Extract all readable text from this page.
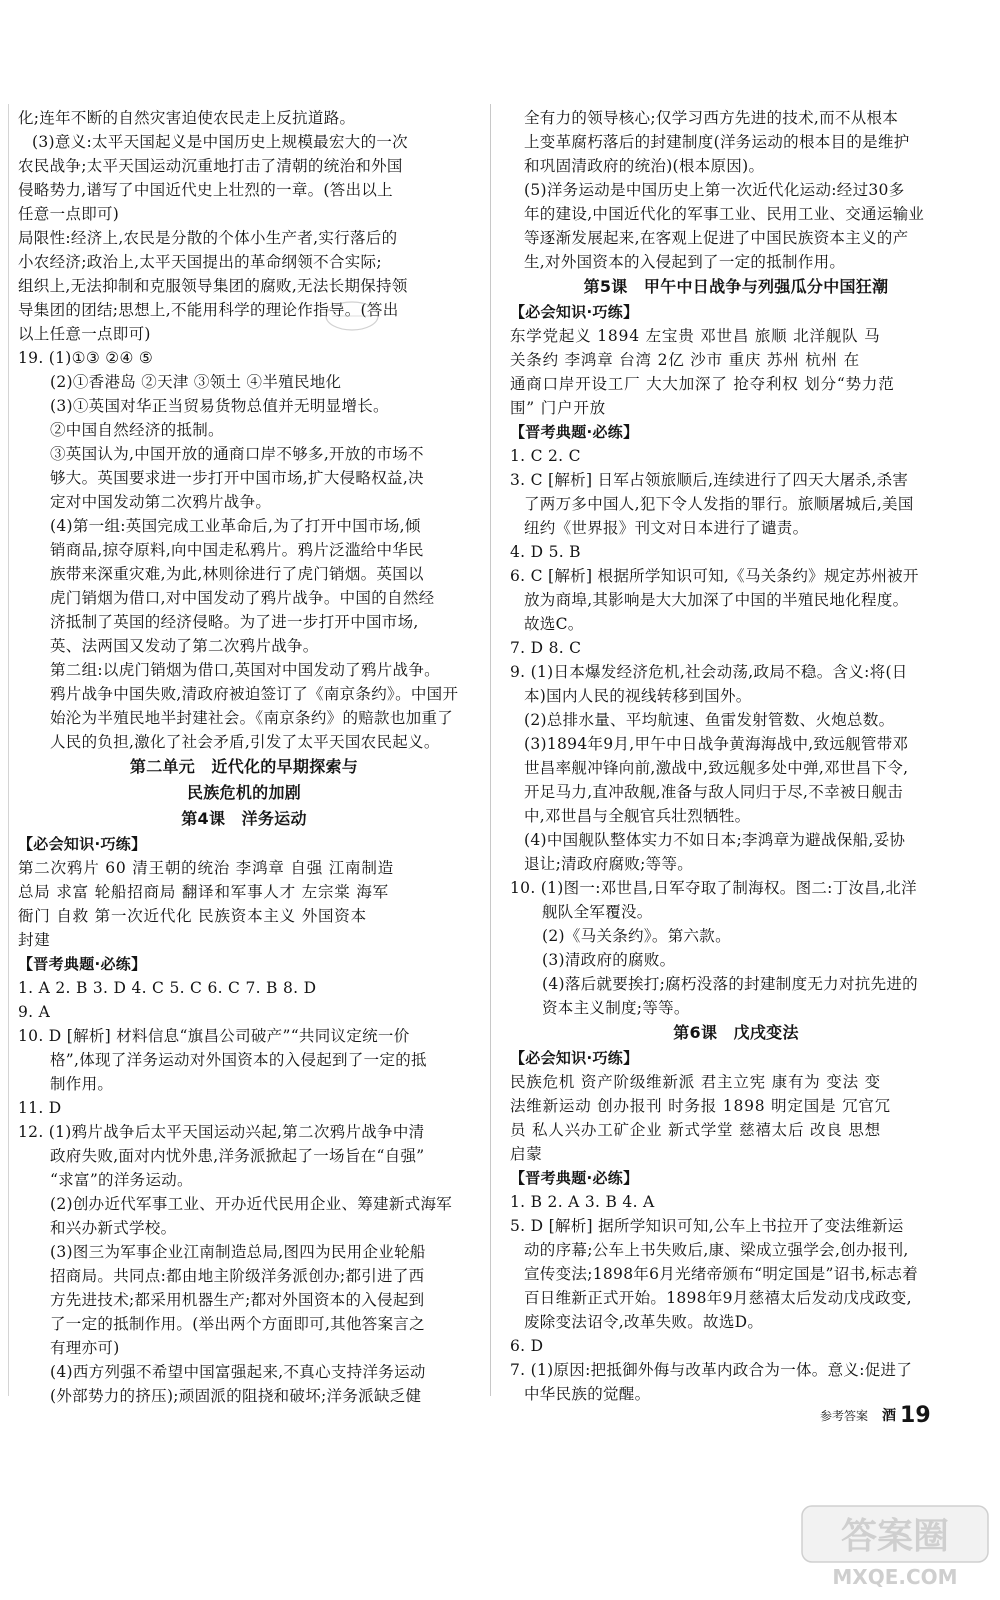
化;连年不断的自然灾害迫使农民走上反抗道路。
(3)意义:太平天国起义是中国历史上规模最宏大的一次
农民战争;太平天国运动沉重地打击了清朝的统治和外国
侵略势力,谱写了中国近代史上壮烈的一章。(答出以上
任意一点即可)
局限性:经济上,农民是分散的个体小生产者,实行落后的
小农经济;政治上,太平天国提出的革命纲领不合实际;
组织上,无法抑制和克服领导集团的腐败,无法长期保持领
导集团的团结;思想上,不能用科学的理论作指导。(答出
以上任意一点即可)
19. (1)①③ ②④ ⑤
(2)①香港岛 ②天津 ③领土 ④半殖民地化
(3)①英国对华正当贸易货物总值并无明显增长。
②中国自然经济的抵制。
③英国认为,中国开放的通商口岸不够多,开放的市场不
够大。英国要求进一步打开中国市场,扩大侵略权益,决
定对中国发动第二次鸦片战争。
(4)第一组:英国完成工业革命后,为了打开中国市场,倾
销商品,掠夺原料,向中国走私鸦片。鸦片泛滥给中华民
族带来深重灾难,为此,林则徐进行了虎门销烟。英国以
虎门销烟为借口,对中国发动了鸦片战争。中国的自然经
济抵制了英国的经济侵略。为了进一步打开中国市场,
英、法两国又发动了第二次鸦片战争。
第二组:以虎门销烟为借口,英国对中国发动了鸦片战争。
鸦片战争中国失败,清政府被迫签订了《南京条约》。中国开
始沦为半殖民地半封建社会。《南京条约》的赔款也加重了
人民的负担,激化了社会矛盾,引发了太平天国农民起义。
第二单元　近代化的早期探索与
民族危机的加剧
第4课　洋务运动
【必会知识·巧练】
第二次鸦片 60 清王朝的统治 李鸿章 自强 江南制造
总局 求富 轮船招商局 翻译和军事人才 左宗棠 海军
衙门 自救 第一次近代化 民族资本主义 外国资本
封建
【晋考典题·必练】
1. A 2. B 3. D 4. C 5. C 6. C 7. B 8. D
9. A
10. D [解析] 材料信息“旗昌公司破产”“共同议定统一价
格”,体现了洋务运动对外国资本的入侵起到了一定的抵
制作用。
11. D
12. (1)鸦片战争后太平天国运动兴起,第二次鸦片战争中清
政府失败,面对内忧外患,洋务派掀起了一场旨在“自强”
“求富”的洋务运动。
(2)创办近代军事工业、开办近代民用企业、筹建新式海军
和兴办新式学校。
(3)图三为军事企业江南制造总局,图四为民用企业轮船
招商局。共同点:都由地主阶级洋务派创办;都引进了西
方先进技术;都采用机器生产;都对外国资本的入侵起到
了一定的抵制作用。(举出两个方面即可,其他答案言之
有理亦可)
(4)西方列强不希望中国富强起来,不真心支持洋务运动
(外部势力的挤压);顽固派的阻挠和破坏;洋务派缺乏健
全有力的领导核心;仅学习西方先进的技术,而不从根本
上变革腐朽落后的封建制度(洋务运动的根本目的是维护
和巩固清政府的统治)(根本原因)。
(5)洋务运动是中国历史上第一次近代化运动:经过30多
年的建设,中国近代化的军事工业、民用工业、交通运输业
等逐渐发展起来,在客观上促进了中国民族资本主义的产
生,对外国资本的入侵起到了一定的抵制作用。
第5课　甲午中日战争与列强瓜分中国狂潮
【必会知识·巧练】
东学党起义 1894 左宝贵 邓世昌 旅顺 北洋舰队 马
关条约 李鸿章 台湾 2亿 沙市 重庆 苏州 杭州 在
通商口岸开设工厂 大大加深了 抢夺利权 划分“势力范
围” 门户开放
【晋考典题·必练】
1. C 2. C
3. C [解析] 日军占领旅顺后,连续进行了四天大屠杀,杀害
了两万多中国人,犯下令人发指的罪行。旅顺屠城后,美国
纽约《世界报》刊文对日本进行了谴责。
4. D 5. B
6. C [解析] 根据所学知识可知,《马关条约》规定苏州被开
放为商埠,其影响是大大加深了中国的半殖民地化程度。
故选C。
7. D 8. C
9. (1)日本爆发经济危机,社会动荡,政局不稳。含义:将(日
本)国内人民的视线转移到国外。
(2)总排水量、平均航速、鱼雷发射管数、火炮总数。
(3)1894年9月,甲午中日战争黄海海战中,致远舰管带邓
世昌率舰冲锋向前,激战中,致远舰多处中弹,邓世昌下令,
开足马力,直冲敌舰,准备与敌人同归于尽,不幸被日舰击
中,邓世昌与全舰官兵壮烈牺牲。
(4)中国舰队整体实力不如日本;李鸿章为避战保船,妥协
退让;清政府腐败;等等。
10. (1)图一:邓世昌,日军夺取了制海权。图二:丁汝昌,北洋
舰队全军覆没。
(2)《马关条约》。第六款。
(3)清政府的腐败。
(4)落后就要挨打;腐朽没落的封建制度无力对抗先进的
资本主义制度;等等。
第6课　戊戌变法
【必会知识·巧练】
民族危机 资产阶级维新派 君主立宪 康有为 变法 变
法维新运动 创办报刊 时务报 1898 明定国是 冗官冗
员 私人兴办工矿企业 新式学堂 慈禧太后 改良 思想
启蒙
【晋考典题·必练】
1. B 2. A 3. B 4. A
5. D [解析] 据所学知识可知,公车上书拉开了变法维新运
动的序幕;公车上书失败后,康、梁成立强学会,创办报刊,
宣传变法;1898年6月光绪帝颁布“明定国是”诏书,标志着
百日维新正式开始。1898年9月慈禧太后发动戊戌政变,
废除变法诏令,改革失败。故选D。
6. D
7. (1)原因:把抵御外侮与改革内政合为一体。意义:促进了
中华民族的觉醒。
参考答案 酒 19
答案圈
MXQE.COM
